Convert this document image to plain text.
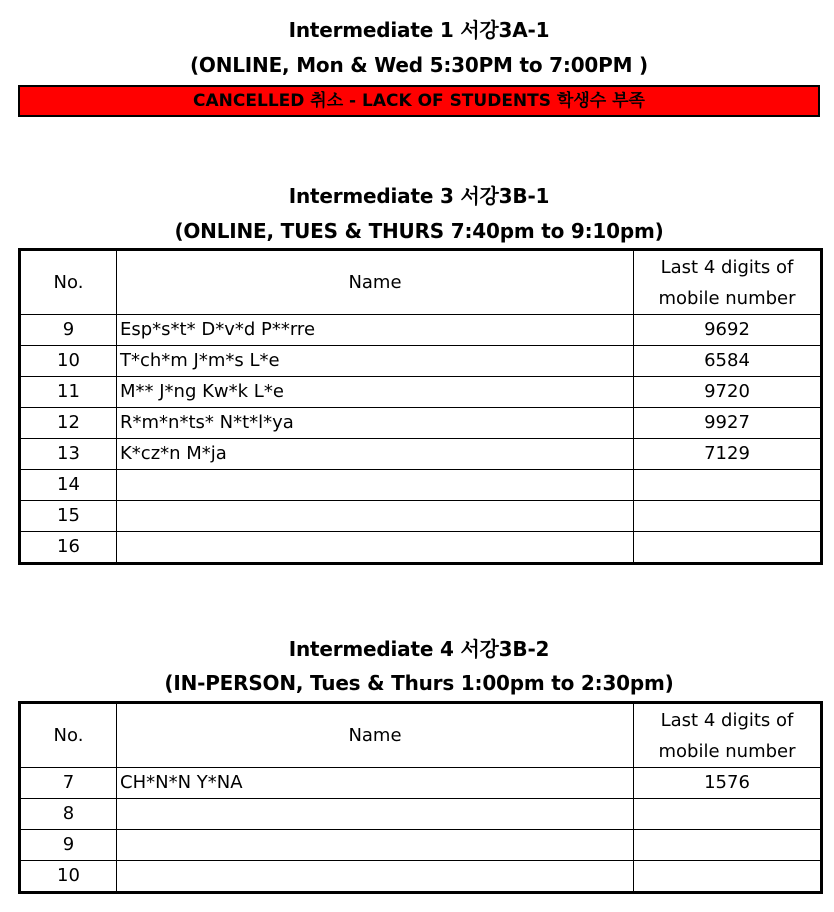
Intermediate 1 서강3A-1
(ONLINE, Mon & Wed 5:30PM to 7:00PM )
CANCELLED 취소 - LACK OF STUDENTS 학생수 부족
Intermediate 3 서강3B-1
(ONLINE, TUES & THURS 7:40pm to 9:10pm)
No.	Name	Last 4 digits of
mobile number
9	Esp*s*t* D*v*d P**rre	9692
10	T*ch*m J*m*s L*e	6584
11	M** J*ng Kw*k L*e	9720
12	R*m*n*ts* N*t*l*ya	9927
13	K*cz*n M*ja	7129
14		
15		
16		
Intermediate 4 서강3B-2
(IN-PERSON, Tues & Thurs 1:00pm to 2:30pm)
No.	Name	Last 4 digits of
mobile number
7	CH*N*N Y*NA	1576
8		
9		
10		
